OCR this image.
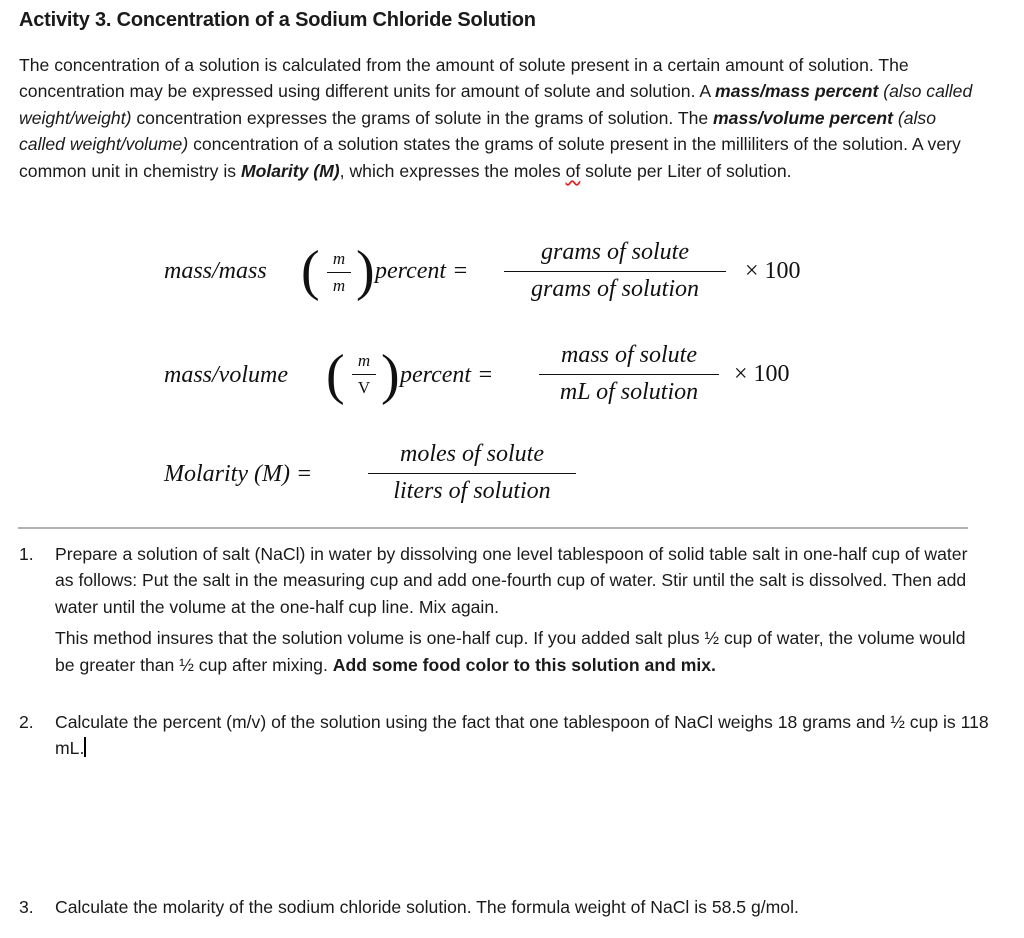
Activity 3. Concentration of a Sodium Chloride Solution

The concentration of a solution is calculated from the amount of solute present in a certain amount of solution. The concentration may be expressed using different units for amount of solute and solution. A mass/mass percent (also called weight/weight) concentration expresses the grams of solute in the grams of solution. The mass/volume percent (also called weight/volume) concentration of a solution states the grams of solute present in the milliliters of the solution. A very common unit in chemistry is Molarity (M), which expresses the moles of solute per Liter of solution.

mass/mass ( m
m ) percent =
grams of solute
grams of solution
× 100
mass/volume ( m
V ) percent =
mass of solute
mL of solution
× 100
Molarity (M) =
moles of solute
liters of solution
1. Prepare a solution of salt (NaCl) in water by dissolving one level tablespoon of solid table salt in one-half cup of water as follows: Put the salt in the measuring cup and add one-fourth cup of water. Stir until the salt is dissolved. Then add water until the volume at the one-half cup line. Mix again.
This method insures that the solution volume is one-half cup. If you added salt plus ½ cup of water, the volume would be greater than ½ cup after mixing. Add some food color to this solution and mix.
2. Calculate the percent (m/v) of the solution using the fact that one tablespoon of NaCl weighs 18 grams and ½ cup is 118 mL.
3. Calculate the molarity of the sodium chloride solution. The formula weight of NaCl is 58.5 g/mol.
